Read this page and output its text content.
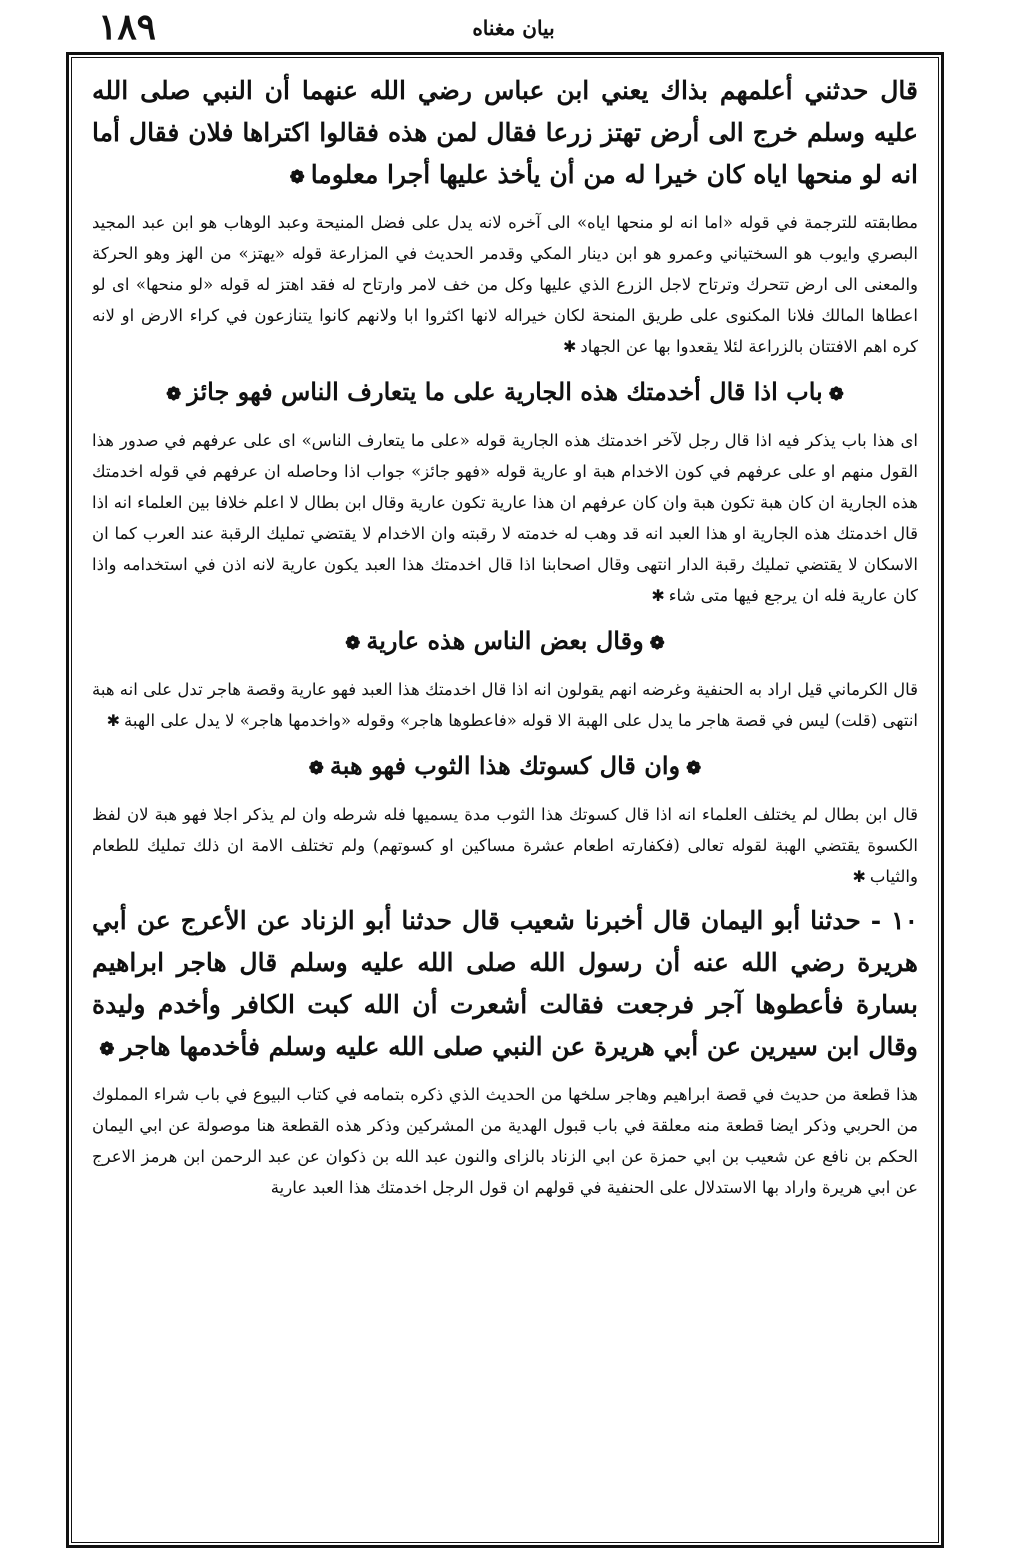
١٨٩	بيان مغناه

قال حدثني أعلمهم بذاك يعني ابن عباس رضي الله عنهما أن النبي صلى الله عليه وسلم خرج الى أرض تهتز زرعا فقال لمن هذه فقالوا اكتراها فلان فقال أما انه لو منحها اياه كان خيرا له من أن يأخذ عليها أجرا معلوما❁

مطابقته للترجمة في قوله «اما انه لو منحها اياه» الى آخره لانه يدل على فضل المنيحة وعبد الوهاب هو ابن عبد المجيد البصري وايوب هو السختياني وعمرو هو ابن دينار المكي وقدمر الحديث في المزارعة قوله «يهتز» من الهز وهو الحركة والمعنى الى ارض تتحرك وترتاح لاجل الزرع الذي عليها وكل من خف لامر وارتاح له فقد اهتز له قوله «لو منحها» اى لو اعطاها المالك فلانا المكنوى على طريق المنحة لكان خيراله لانها اكثروا ابا ولانهم كانوا يتنازعون في كراء الارض او لانه كره اهم الافتتان بالزراعة لئلا يقعدوا بها عن الجهاد✱

❁باب اذا قال أخدمتك هذه الجارية على ما يتعارف الناس فهو جائز❁

اى هذا باب يذكر فيه اذا قال رجل لآخر اخدمتك هذه الجارية قوله «على ما يتعارف الناس» اى على عرفهم في صدور هذا القول منهم او على عرفهم في كون الاخدام هبة او عارية قوله «فهو جائز» جواب اذا وحاصله ان عرفهم في قوله اخدمتك هذه الجارية ان كان هبة تكون هبة وان كان عرفهم ان هذا عارية تكون عارية وقال ابن بطال لا اعلم خلافا بين العلماء انه اذا قال اخدمتك هذه الجارية او هذا العبد انه قد وهب له خدمته لا رقبته وان الاخدام لا يقتضي تمليك الرقبة عند العرب كما ان الاسكان لا يقتضي تمليك رقبة الدار انتهى وقال اصحابنا اذا قال اخدمتك هذا العبد يكون عارية لانه اذن في استخدامه واذا كان عارية فله ان يرجع فيها متى شاء✱

❁وقال بعض الناس هذه عارية❁

قال الكرماني قيل اراد به الحنفية وغرضه انهم يقولون انه اذا قال اخدمتك هذا العبد فهو عارية وقصة هاجر تدل على انه هبة انتهى (قلت) ليس في قصة هاجر ما يدل على الهبة الا قوله «فاعطوها هاجر» وقوله «واخدمها هاجر» لا يدل على الهبة✱

❁وان قال كسوتك هذا الثوب فهو هبة❁

قال ابن بطال لم يختلف العلماء انه اذا قال كسوتك هذا الثوب مدة يسميها فله شرطه وان لم يذكر اجلا فهو هبة لان لفظ الكسوة يقتضي الهبة لقوله تعالى (فكفارته اطعام عشرة مساكين او كسوتهم) ولم تختلف الامة ان ذلك تمليك للطعام والثياب✱

١٠ - حدثنا أبو اليمان قال أخبرنا شعيب قال حدثنا أبو الزناد عن الأعرج عن أبي هريرة رضي الله عنه أن رسول الله صلى الله عليه وسلم قال هاجر ابراهيم بسارة فأعطوها آجر فرجعت فقالت أشعرت أن الله كبت الكافر وأخدم وليدة وقال ابن سيرين عن أبي هريرة عن النبي صلى الله عليه وسلم فأخدمها هاجر❁

هذا قطعة من حديث في قصة ابراهيم وهاجر سلخها من الحديث الذي ذكره بتمامه في كتاب البيوع في باب شراء المملوك من الحربي وذكر ايضا قطعة منه معلقة في باب قبول الهدية من المشركين وذكر هذه القطعة هنا موصولة عن ابي اليمان الحكم بن نافع عن شعيب بن ابي حمزة عن ابي الزناد بالزاى والنون عبد الله بن ذكوان عن عبد الرحمن ابن هرمز الاعرج عن ابي هريرة واراد بها الاستدلال على الحنفية في قولهم ان قول الرجل اخدمتك هذا العبد عارية
